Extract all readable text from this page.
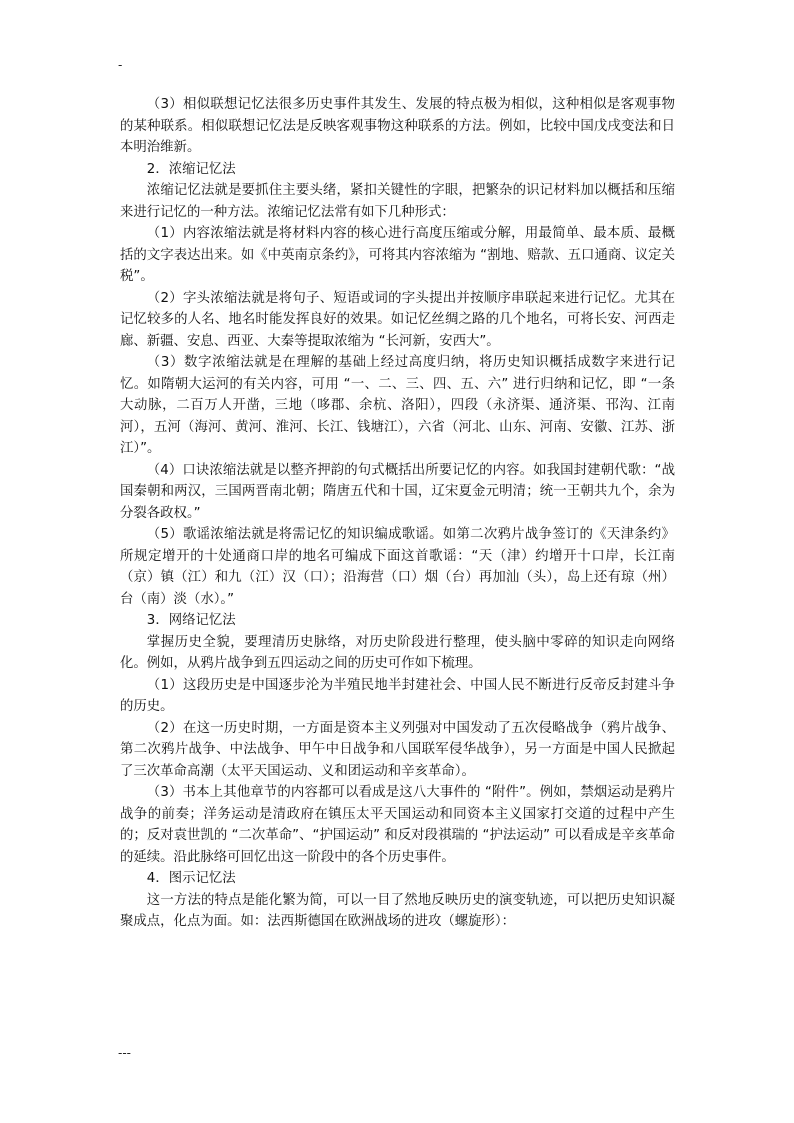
-

（3）相似联想记忆法很多历史事件其发生、发展的特点极为相似，这种相似是客观事物的某种联系。相似联想记忆法是反映客观事物这种联系的方法。例如，比较中国戊戌变法和日本明治维新。

2．浓缩记忆法

浓缩记忆法就是要抓住主要头绪，紧扣关键性的字眼，把繁杂的识记材料加以概括和压缩来进行记忆的一种方法。浓缩记忆法常有如下几种形式：

（1）内容浓缩法就是将材料内容的核心进行高度压缩或分解，用最简单、最本质、最概括的文字表达出来。如《中英南京条约》，可将其内容浓缩为 “割地、赔款、五口通商、议定关税”。

（2）字头浓缩法就是将句子、短语或词的字头提出并按顺序串联起来进行记忆。尤其在记忆较多的人名、地名时能发挥良好的效果。如记忆丝绸之路的几个地名，可将长安、河西走廊、新疆、安息、西亚、大秦等提取浓缩为 “长河新，安西大”。

（3）数字浓缩法就是在理解的基础上经过高度归纳，将历史知识概括成数字来进行记忆。如隋朝大运河的有关内容，可用 “一、二、三、四、五、六” 进行归纳和记忆，即 “一条大动脉，二百万人开凿，三地（哆郡、余杭、洛阳），四段（永济渠、通济渠、邗沟、江南河），五河（海河、黄河、淮河、长江、钱塘江），六省（河北、山东、河南、安徽、江苏、浙江）”。

（4）口诀浓缩法就是以整齐押韵的句式概括出所要记忆的内容。如我国封建朝代歌：“战国秦朝和两汉，三国两晋南北朝；隋唐五代和十国，辽宋夏金元明清；统一王朝共九个，余为分裂各政权。”

（5）歌谣浓缩法就是将需记忆的知识编成歌谣。如第二次鸦片战争签订的《天津条约》所规定增开的十处通商口岸的地名可编成下面这首歌谣：“天（津）约增开十口岸，长江南（京）镇（江）和九（江）汉（口）；沿海营（口）烟（台）再加汕（头），岛上还有琼（州）台（南）淡（水）。”

3．网络记忆法

掌握历史全貌，要理清历史脉络，对历史阶段进行整理，使头脑中零碎的知识走向网络化。例如，从鸦片战争到五四运动之间的历史可作如下梳理。

（1）这段历史是中国逐步沦为半殖民地半封建社会、中国人民不断进行反帝反封建斗争的历史。

（2）在这一历史时期，一方面是资本主义列强对中国发动了五次侵略战争（鸦片战争、第二次鸦片战争、中法战争、甲午中日战争和八国联军侵华战争），另一方面是中国人民掀起了三次革命高潮（太平天国运动、义和团运动和辛亥革命）。

（3）书本上其他章节的内容都可以看成是这八大事件的 “附件”。例如，禁烟运动是鸦片战争的前奏；洋务运动是清政府在镇压太平天国运动和同资本主义国家打交道的过程中产生的；反对袁世凯的 “二次革命”、“护国运动” 和反对段祺瑞的 “护法运动” 可以看成是辛亥革命的延续。沿此脉络可回忆出这一阶段中的各个历史事件。

4．图示记忆法

这一方法的特点是能化繁为简，可以一目了然地反映历史的演变轨迹，可以把历史知识凝聚成点，化点为面。如：法西斯德国在欧洲战场的进攻（螺旋形）：

---
